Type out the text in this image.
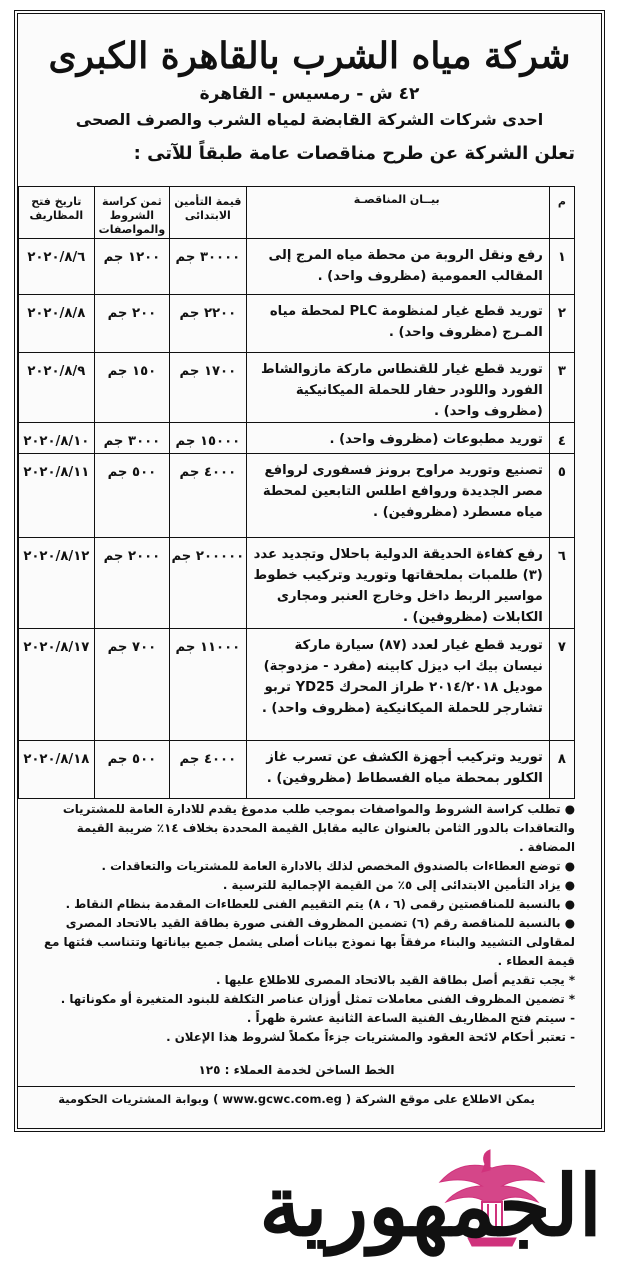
شركة مياه الشرب بالقاهرة الكبرى
٤٢ ش - رمسيس - القاهرة
احدى شركات الشركة القابضة لمياه الشرب والصرف الصحى
تعلن الشركة عن طرح مناقصات عامة طبقاً للآتى :
م	بيــان المناقصـة	قيمة التأمين الابتدائى	ثمن كراسة الشروط والمواصفات	تاريخ فتح المظاريف
١	رفع ونقل الروبة من محطة مياه المرج إلى المقالب العمومية (مظروف واحد) .	٣٠٠٠٠ جم	١٢٠٠ جم	٢٠٢٠/٨/٦
٢	توريد قطع غيار لمنظومة PLC لمحطة مياه المـرج (مظروف واحد) .	٢٢٠٠ جم	٢٠٠ جم	٢٠٢٠/٨/٨
٣	توريد قطع غيار للقنطاس ماركة مازوالشاط الفورد واللودر حفار للحملة الميكانيكية (مظروف واحد) .	١٧٠٠ جم	١٥٠ جم	٢٠٢٠/٨/٩
٤	توريد مطبوعات (مظروف واحد) .	١٥٠٠٠ جم	٣٠٠٠ جم	٢٠٢٠/٨/١٠
٥	تصنيع وتوريد مراوح برونز فسفورى لروافع مصر الجديدة وروافع اطلس التابعين لمحطة مياه مسطرد (مظروفين) .	٤٠٠٠ جم	٥٠٠ جم	٢٠٢٠/٨/١١
٦	رفع كفاءة الحديقة الدولية باحلال وتجديد عدد (٣) طلمبات بملحقاتها وتوريد وتركيب خطوط مواسير الربط داخل وخارج العنبر ومجارى الكابلات (مظروفين) .	٢٠٠٠٠٠ جم	٢٠٠٠ جم	٢٠٢٠/٨/١٢
٧	توريد قطع غيار لعدد (٨٧) سيارة ماركة نيسان بيك اب ديزل كابينه (مفرد - مزدوجة) موديل ٢٠١٤/٢٠١٨ طراز المحرك YD25 تربو تشارجر للحملة الميكانيكية (مظروف واحد) .	١١٠٠٠ جم	٧٠٠ جم	٢٠٢٠/٨/١٧
٨	توريد وتركيب أجهزة الكشف عن تسرب غاز الكلور بمحطة مياه الفسطاط (مظروفين) .	٤٠٠٠ جم	٥٠٠ جم	٢٠٢٠/٨/١٨

● تطلب كراسة الشروط والمواصفات بموجب طلب مدموغ يقدم للادارة العامة للمشتريات والتعاقدات بالدور الثامن بالعنوان عاليه مقابل القيمة المحددة بخلاف ١٤٪ ضريبة القيمة المضافة .

● توضع العطاءات بالصندوق المخصص لذلك بالادارة العامة للمشتريات والتعاقدات .

● يزاد التأمين الابتدائى إلى ٥٪ من القيمة الإجمالية للترسية .

● بالنسبة للمناقصتين رقمى (٦ ، ٨) يتم التقييم الفنى للعطاءات المقدمة بنظام النقاط .

● بالنسبة للمناقصة رقم (٦) تضمين المظروف الفنى صورة بطاقة القيد بالاتحاد المصرى لمقاولى التشييد والبناء مرفقاً بها نموذج بيانات أصلى يشمل جميع بياناتها وتتناسب فئتها مع قيمة العطاء .

* يجب تقديم أصل بطاقة القيد بالاتحاد المصرى للاطلاع عليها .

* تضمين المظروف الفنى معاملات تمثل أوزان عناصر التكلفة للبنود المتغيرة أو مكوناتها .

- سيتم فتح المظاريف الفنية الساعة الثانية عشرة ظهراً .

- تعتبر أحكام لائحة العقود والمشتريات جزءاً مكملاً لشروط هذا الإعلان .

الخط الساخن لخدمة العملاء : ١٢٥
يمكن الاطلاع على موقع الشركة ( www.gcwc.com.eg ) وبوابة المشتريات الحكومية
الجمهورية
